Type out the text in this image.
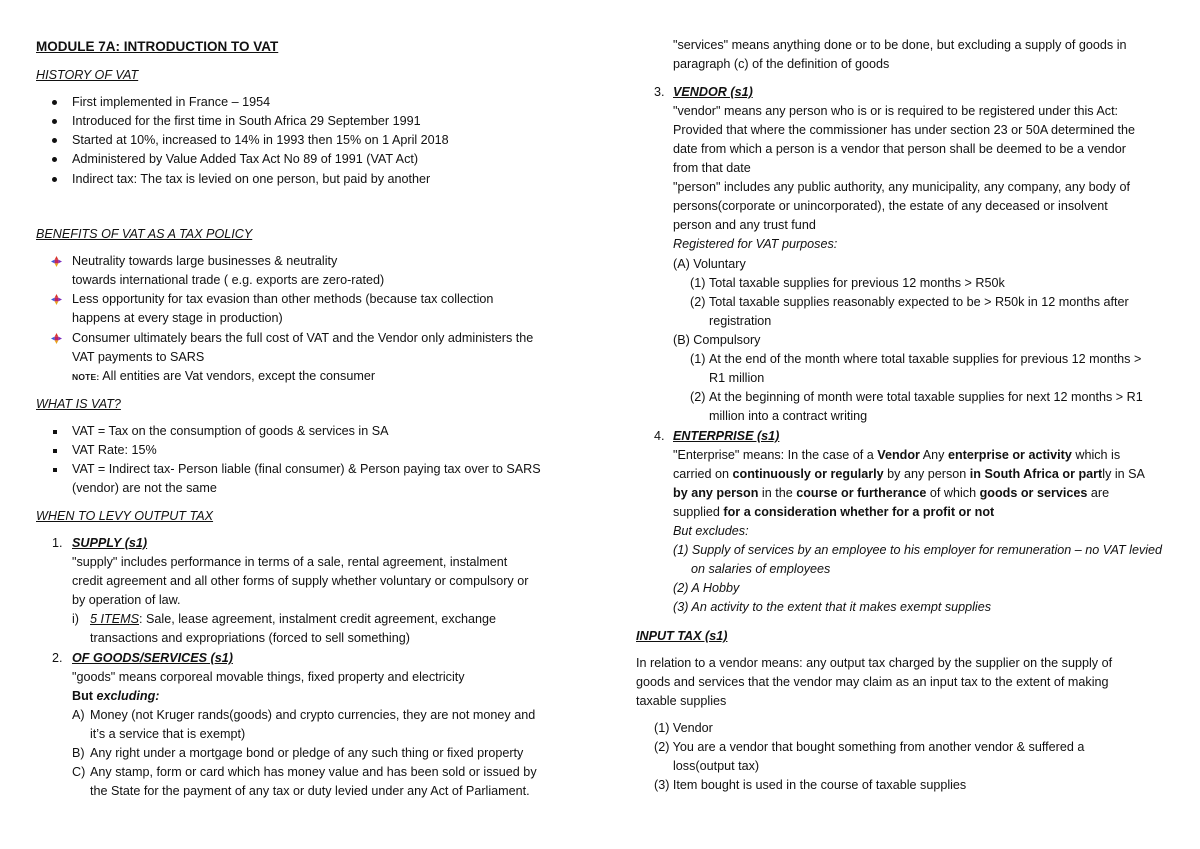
MODULE 7A: INTRODUCTION TO VAT
HISTORY OF VAT
First implemented in France – 1954
Introduced for the first time in South Africa 29 September 1991
Started at 10%, increased to 14% in 1993 then 15% on 1 April 2018
Administered by Value Added Tax Act No 89 of 1991 (VAT Act)
Indirect tax: The tax is levied on one person, but paid by another
BENEFITS OF VAT AS A TAX POLICY
Neutrality towards large businesses & neutrality
towards international trade ( e.g. exports are zero-rated)
Less opportunity for tax evasion than other methods (because tax collection
happens at every stage in production)
Consumer ultimately bears the full cost of VAT and the Vendor only administers the
VAT payments to SARS
NOTE: All entities are Vat vendors, except the consumer
WHAT IS VAT?
VAT = Tax on the consumption of goods & services in SA
VAT Rate: 15%
VAT = Indirect tax- Person liable (final consumer) & Person paying tax over to SARS
(vendor) are not the same
WHEN TO LEVY OUTPUT TAX
1. SUPPLY (s1)
"supply" includes performance in terms of a sale, rental agreement, instalment
credit agreement and all other forms of supply whether voluntary or compulsory or
by operation of law.
i) 5 ITEMS: Sale, lease agreement, instalment credit agreement, exchange
transactions and expropriations (forced to sell something)
2. OF GOODS/SERVICES (s1)
"goods" means corporeal movable things, fixed property and electricity
But excluding:
A) Money (not Kruger rands(goods) and crypto currencies, they are not money and
it’s a service that is exempt)
B) Any right under a mortgage bond or pledge of any such thing or fixed property
C) Any stamp, form or card which has money value and has been sold or issued by
the State for the payment of any tax or duty levied under any Act of Parliament.
"services" means anything done or to be done, but excluding a supply of goods in
paragraph (c) of the definition of goods
3. VENDOR (s1)
"vendor" means any person who is or is required to be registered under this Act:
Provided that where the commissioner has under section 23 or 50A determined the
date from which a person is a vendor that person shall be deemed to be a vendor
from that date
"person" includes any public authority, any municipality, any company, any body of
persons(corporate or unincorporated), the estate of any deceased or insolvent
person and any trust fund
Registered for VAT purposes:
(A) Voluntary
(1) Total taxable supplies for previous 12 months > R50k
(2) Total taxable supplies reasonably expected to be > R50k in 12 months after
registration
(B) Compulsory
(1) At the end of the month where total taxable supplies for previous 12 months >
R1 million
(2) At the beginning of month were total taxable supplies for next 12 months > R1
million into a contract writing
4. ENTERPRISE (s1)
"Enterprise" means: In the case of a Vendor Any enterprise or activity which is
carried on continuously or regularly by any person in South Africa or partly in SA
by any person in the course or furtherance of which goods or services are
supplied for a consideration whether for a profit or not
But excludes:
(1) Supply of services by an employee to his employer for remuneration – no VAT levied
on salaries of employees
(2) A Hobby
(3) An activity to the extent that it makes exempt supplies
INPUT TAX (s1)
In relation to a vendor means: any output tax charged by the supplier on the supply of
goods and services that the vendor may claim as an input tax to the extent of making
taxable supplies
(1) Vendor
(2) You are a vendor that bought something from another vendor & suffered a
loss(output tax)
(3) Item bought is used in the course of taxable supplies
